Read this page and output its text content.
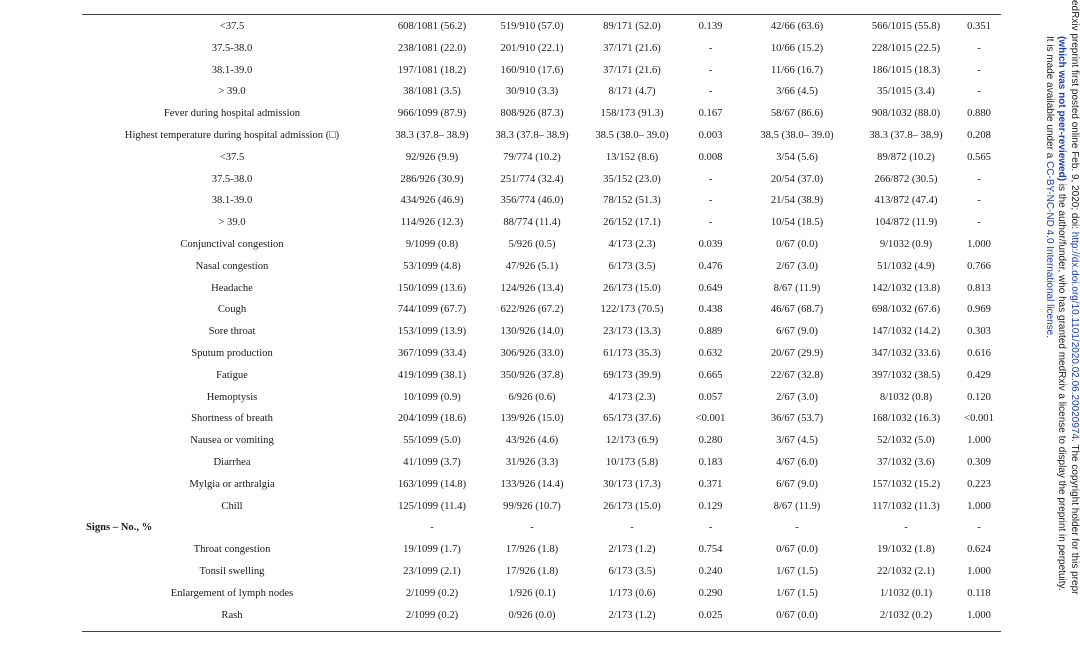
<37.5	608/1081 (56.2)	519/910 (57.0)	89/171 (52.0)	0.139	42/66 (63.6)	566/1015 (55.8)	0.351
37.5-38.0	238/1081 (22.0)	201/910 (22.1)	37/171 (21.6)	-	10/66 (15.2)	228/1015 (22.5)	-
38.1-39.0	197/1081 (18.2)	160/910 (17.6)	37/171 (21.6)	-	11/66 (16.7)	186/1015 (18.3)	-
> 39.0	38/1081 (3.5)	30/910 (3.3)	8/171 (4.7)	-	3/66 (4.5)	35/1015 (3.4)	-
Fever during hospital admission	966/1099 (87.9)	808/926 (87.3)	158/173 (91.3)	0.167	58/67 (86.6)	908/1032 (88.0)	0.880
Highest temperature during hospital admission (□)	38.3 (37.8– 38.9)	38.3 (37.8– 38.9)	38.5 (38.0– 39.0)	0.003	38.5 (38.0– 39.0)	38.3 (37.8– 38.9)	0.208
<37.5	92/926 (9.9)	79/774 (10.2)	13/152 (8.6)	0.008	3/54 (5.6)	89/872 (10.2)	0.565
37.5-38.0	286/926 (30.9)	251/774 (32.4)	35/152 (23.0)	-	20/54 (37.0)	266/872 (30.5)	-
38.1-39.0	434/926 (46.9)	356/774 (46.0)	78/152 (51.3)	-	21/54 (38.9)	413/872 (47.4)	-
> 39.0	114/926 (12.3)	88/774 (11.4)	26/152 (17.1)	-	10/54 (18.5)	104/872 (11.9)	-
Conjunctival congestion	9/1099 (0.8)	5/926 (0.5)	4/173 (2.3)	0.039	0/67 (0.0)	9/1032 (0.9)	1.000
Nasal congestion	53/1099 (4.8)	47/926 (5.1)	6/173 (3.5)	0.476	2/67 (3.0)	51/1032 (4.9)	0.766
Headache	150/1099 (13.6)	124/926 (13.4)	26/173 (15.0)	0.649	8/67 (11.9)	142/1032 (13.8)	0.813
Cough	744/1099 (67.7)	622/926 (67.2)	122/173 (70.5)	0.438	46/67 (68.7)	698/1032 (67.6)	0.969
Sore throat	153/1099 (13.9)	130/926 (14.0)	23/173 (13.3)	0.889	6/67 (9.0)	147/1032 (14.2)	0.303
Sputum production	367/1099 (33.4)	306/926 (33.0)	61/173 (35.3)	0.632	20/67 (29.9)	347/1032 (33.6)	0.616
Fatigue	419/1099 (38.1)	350/926 (37.8)	69/173 (39.9)	0.665	22/67 (32.8)	397/1032 (38.5)	0.429
Hemoptysis	10/1099 (0.9)	6/926 (0.6)	4/173 (2.3)	0.057	2/67 (3.0)	8/1032 (0.8)	0.120
Shortness of breath	204/1099 (18.6)	139/926 (15.0)	65/173 (37.6)	<0.001	36/67 (53.7)	168/1032 (16.3)	<0.001
Nausea or vomiting	55/1099 (5.0)	43/926 (4.6)	12/173 (6.9)	0.280	3/67 (4.5)	52/1032 (5.0)	1.000
Diarrhea	41/1099 (3.7)	31/926 (3.3)	10/173 (5.8)	0.183	4/67 (6.0)	37/1032 (3.6)	0.309
Mylgia or arthralgia	163/1099 (14.8)	133/926 (14.4)	30/173 (17.3)	0.371	6/67 (9.0)	157/1032 (15.2)	0.223
Chill	125/1099 (11.4)	99/926 (10.7)	26/173 (15.0)	0.129	8/67 (11.9)	117/1032 (11.3)	1.000
Signs – No., %	-	-	-	-	-	-	-
Throat congestion	19/1099 (1.7)	17/926 (1.8)	2/173 (1.2)	0.754	0/67 (0.0)	19/1032 (1.8)	0.624
Tonsil swelling	23/1099 (2.1)	17/926 (1.8)	6/173 (3.5)	0.240	1/67 (1.5)	22/1032 (2.1)	1.000
Enlargement of lymph nodes	2/1099 (0.2)	1/926 (0.1)	1/173 (0.6)	0.290	1/67 (1.5)	1/1032 (0.1)	0.118
Rash	2/1099 (0.2)	0/926 (0.0)	2/173 (1.2)	0.025	0/67 (0.0)	2/1032 (0.2)	1.000
edRxiv preprint first posted online Feb. 9, 2020; doi: http://dx.doi.org/10.1101/2020.02.06.20020974. The copyright holder for this prepr
(which was not peer-reviewed) is the author/funder, who has granted medRxiv a license to display the preprint in perpetuity.
It is made available under a CC-BY-NC-ND 4.0 International license.
